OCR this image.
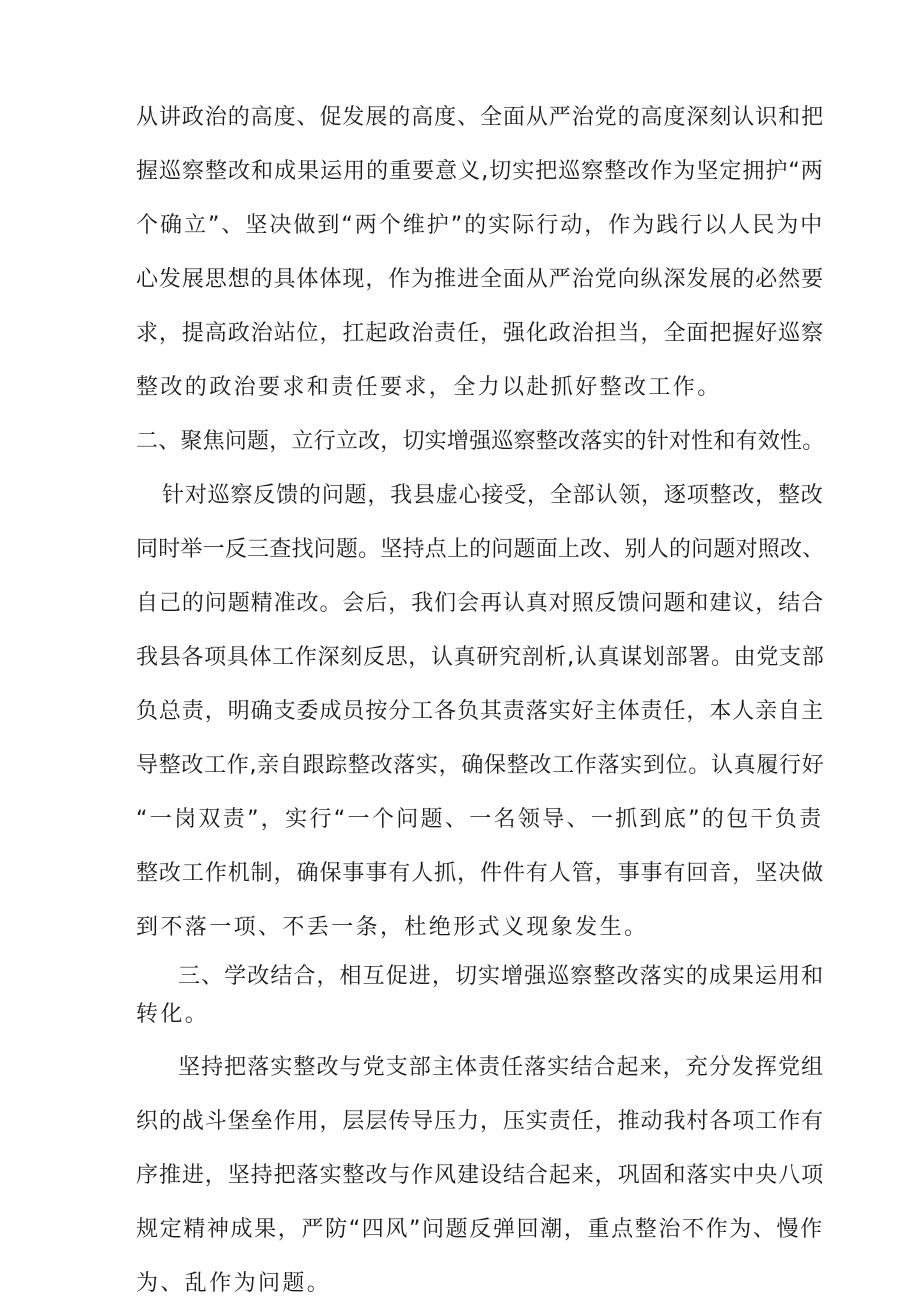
从讲政治的高度、促发展的高度、全面从严治党的高度深刻认识和把
握巡察整改和成果运用的重要意义,切实把巡察整改作为坚定拥护“两
个确立”、坚决做到“两个维护”的实际行动，作为践行以人民为中
心发展思想的具体体现，作为推进全面从严治党向纵深发展的必然要
求，提高政治站位，扛起政治责任，强化政治担当，全面把握好巡察
整改的政治要求和责任要求，全力以赴抓好整改工作。
二、聚焦问题，立行立改，切实增强巡察整改落实的针对性和有效性。
针对巡察反馈的问题，我县虚心接受，全部认领，逐项整改，整改
同时举一反三查找问题。坚持点上的问题面上改、别人的问题对照改、
自己的问题精准改。会后，我们会再认真对照反馈问题和建议，结合
我县各项具体工作深刻反思，认真研究剖析,认真谋划部署。由党支部
负总责，明确支委成员按分工各负其责落实好主体责任，本人亲自主
导整改工作,亲自跟踪整改落实，确保整改工作落实到位。认真履行好
“一岗双责”，实行“一个问题、一名领导、一抓到底”的包干负责
整改工作机制，确保事事有人抓，件件有人管，事事有回音，坚决做
到不落一项、不丢一条，杜绝形式义现象发生。
三、学改结合，相互促进，切实增强巡察整改落实的成果运用和
转化。
坚持把落实整改与党支部主体责任落实结合起来，充分发挥党组
织的战斗堡垒作用，层层传导压力，压实责任，推动我村各项工作有
序推进，坚持把落实整改与作风建设结合起来，巩固和落实中央八项
规定精神成果，严防“四风”问题反弹回潮，重点整治不作为、慢作
为、乱作为问题。
